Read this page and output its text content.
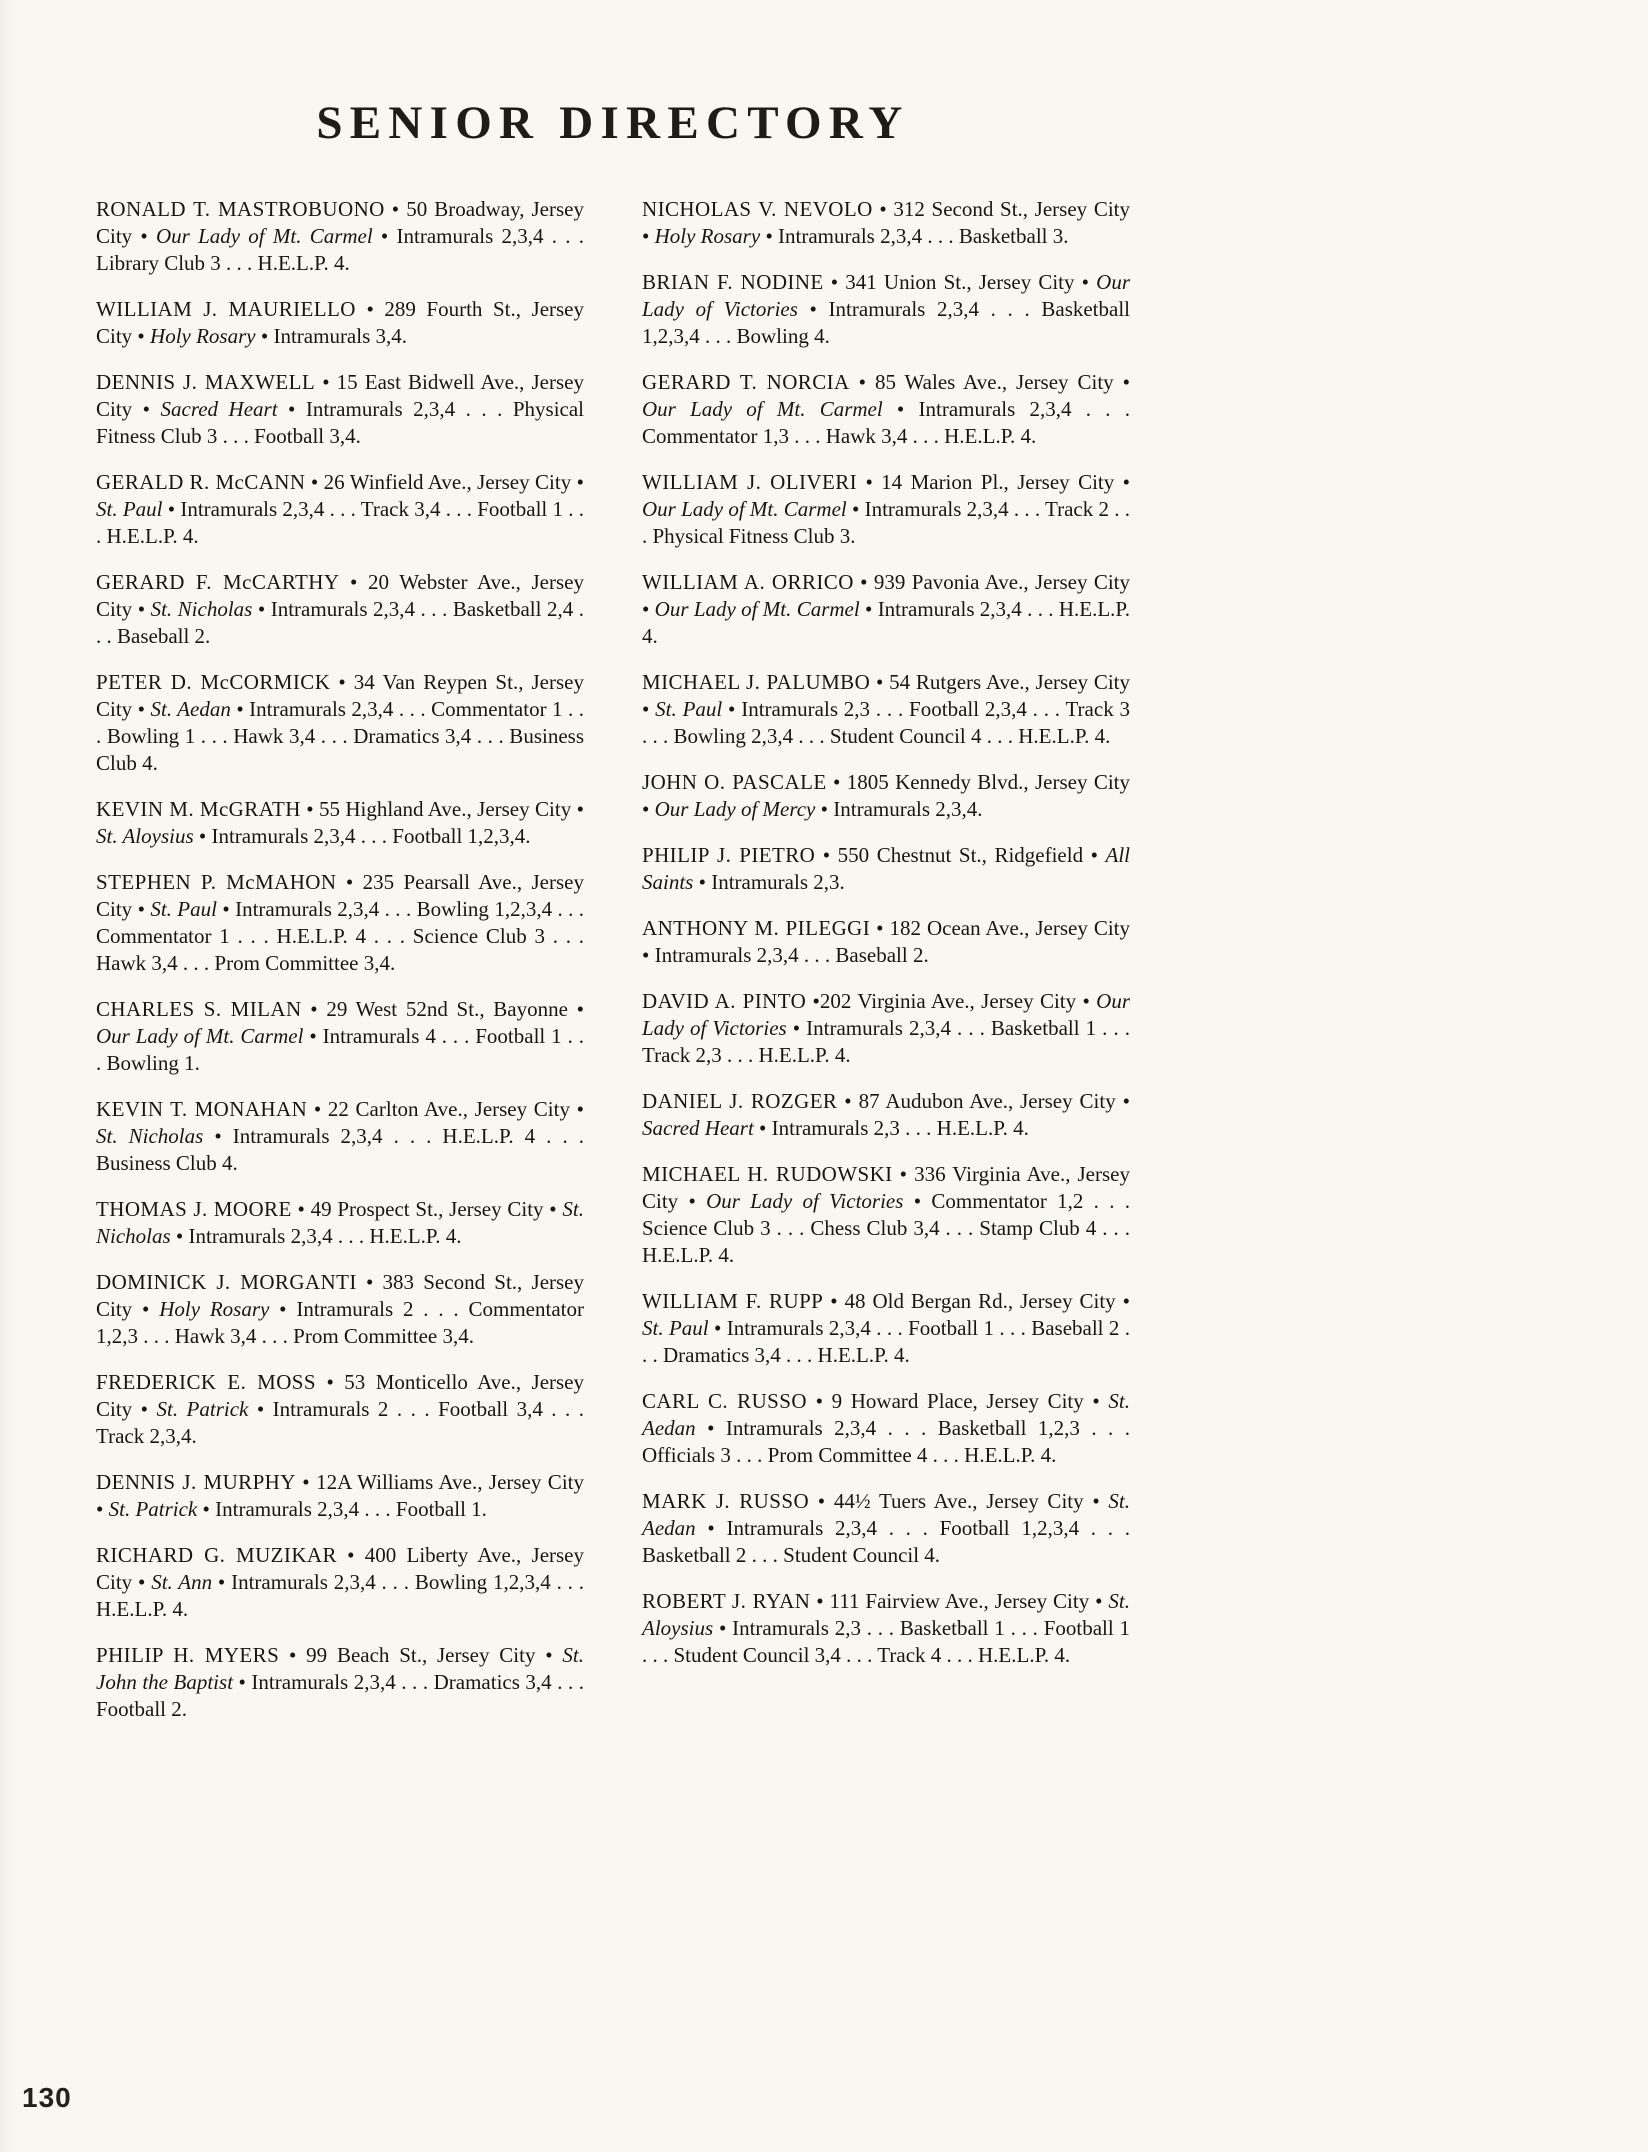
SENIOR DIRECTORY

RONALD T. MASTROBUONO • 50 Broadway, Jersey City • Our Lady of Mt. Carmel • Intramurals 2,3,4 . . . Library Club 3 . . . H.E.L.P. 4.

WILLIAM J. MAURIELLO • 289 Fourth St., Jersey City • Holy Rosary • Intramurals 3,4.

DENNIS J. MAXWELL • 15 East Bidwell Ave., Jersey City • Sacred Heart • Intramurals 2,3,4 . . . Physical Fitness Club 3 . . . Football 3,4.

GERALD R. McCANN • 26 Winfield Ave., Jersey City • St. Paul • Intramurals 2,3,4 . . . Track 3,4 . . . Football 1 . . . H.E.L.P. 4.

GERARD F. McCARTHY • 20 Webster Ave., Jersey City • St. Nicholas • Intramurals 2,3,4 . . . Basketball 2,4 . . . Baseball 2.

PETER D. McCORMICK • 34 Van Reypen St., Jersey City • St. Aedan • Intramurals 2,3,4 . . . Commentator 1 . . . Bowling 1 . . . Hawk 3,4 . . . Dramatics 3,4 . . . Business Club 4.

KEVIN M. McGRATH • 55 Highland Ave., Jersey City • St. Aloysius • Intramurals 2,3,4 . . . Football 1,2,3,4.

STEPHEN P. McMAHON • 235 Pearsall Ave., Jersey City • St. Paul • Intramurals 2,3,4 . . . Bowling 1,2,3,4 . . . Commentator 1 . . . H.E.L.P. 4 . . . Science Club 3 . . . Hawk 3,4 . . . Prom Committee 3,4.

CHARLES S. MILAN • 29 West 52nd St., Bayonne • Our Lady of Mt. Carmel • Intramurals 4 . . . Football 1 . . . Bowling 1.

KEVIN T. MONAHAN • 22 Carlton Ave., Jersey City • St. Nicholas • Intramurals 2,3,4 . . . H.E.L.P. 4 . . . Business Club 4.

THOMAS J. MOORE • 49 Prospect St., Jersey City • St. Nicholas • Intramurals 2,3,4 . . . H.E.L.P. 4.

DOMINICK J. MORGANTI • 383 Second St., Jersey City • Holy Rosary • Intramurals 2 . . . Commentator 1,2,3 . . . Hawk 3,4 . . . Prom Committee 3,4.

FREDERICK E. MOSS • 53 Monticello Ave., Jersey City • St. Patrick • Intramurals 2 . . . Football 3,4 . . . Track 2,3,4.

DENNIS J. MURPHY • 12A Williams Ave., Jersey City • St. Patrick • Intramurals 2,3,4 . . . Football 1.

RICHARD G. MUZIKAR • 400 Liberty Ave., Jersey City • St. Ann • Intramurals 2,3,4 . . . Bowling 1,2,3,4 . . . H.E.L.P. 4.

PHILIP H. MYERS • 99 Beach St., Jersey City • St. John the Baptist • Intramurals 2,3,4 . . . Dramatics 3,4 . . . Football 2.

NICHOLAS V. NEVOLO • 312 Second St., Jersey City • Holy Rosary • Intramurals 2,3,4 . . . Basketball 3.

BRIAN F. NODINE • 341 Union St., Jersey City • Our Lady of Victories • Intramurals 2,3,4 . . . Basketball 1,2,3,4 . . . Bowling 4.

GERARD T. NORCIA • 85 Wales Ave., Jersey City • Our Lady of Mt. Carmel • Intramurals 2,3,4 . . . Commentator 1,3 . . . Hawk 3,4 . . . H.E.L.P. 4.

WILLIAM J. OLIVERI • 14 Marion Pl., Jersey City • Our Lady of Mt. Carmel • Intramurals 2,3,4 . . . Track 2 . . . Physical Fitness Club 3.

WILLIAM A. ORRICO • 939 Pavonia Ave., Jersey City • Our Lady of Mt. Carmel • Intramurals 2,3,4 . . . H.E.L.P. 4.

MICHAEL J. PALUMBO • 54 Rutgers Ave., Jersey City • St. Paul • Intramurals 2,3 . . . Football 2,3,4 . . . Track 3 . . . Bowling 2,3,4 . . . Student Council 4 . . . H.E.L.P. 4.

JOHN O. PASCALE • 1805 Kennedy Blvd., Jersey City • Our Lady of Mercy • Intramurals 2,3,4.

PHILIP J. PIETRO • 550 Chestnut St., Ridgefield • All Saints • Intramurals 2,3.

ANTHONY M. PILEGGI • 182 Ocean Ave., Jersey City • Intramurals 2,3,4 . . . Baseball 2.

DAVID A. PINTO •202 Virginia Ave., Jersey City • Our Lady of Victories • Intramurals 2,3,4 . . . Basketball 1 . . . Track 2,3 . . . H.E.L.P. 4.

DANIEL J. ROZGER • 87 Audubon Ave., Jersey City • Sacred Heart • Intramurals 2,3 . . . H.E.L.P. 4.

MICHAEL H. RUDOWSKI • 336 Virginia Ave., Jersey City • Our Lady of Victories • Commentator 1,2 . . . Science Club 3 . . . Chess Club 3,4 . . . Stamp Club 4 . . . H.E.L.P. 4.

WILLIAM F. RUPP • 48 Old Bergan Rd., Jersey City • St. Paul • Intramurals 2,3,4 . . . Football 1 . . . Baseball 2 . . . Dramatics 3,4 . . . H.E.L.P. 4.

CARL C. RUSSO • 9 Howard Place, Jersey City • St. Aedan • Intramurals 2,3,4 . . . Basketball 1,2,3 . . . Officials 3 . . . Prom Committee 4 . . . H.E.L.P. 4.

MARK J. RUSSO • 44½ Tuers Ave., Jersey City • St. Aedan • Intramurals 2,3,4 . . . Football 1,2,3,4 . . . Basketball 2 . . . Student Council 4.

ROBERT J. RYAN • 111 Fairview Ave., Jersey City • St. Aloysius • Intramurals 2,3 . . . Basketball 1 . . . Football 1 . . . Student Council 3,4 . . . Track 4 . . . H.E.L.P. 4.

130
